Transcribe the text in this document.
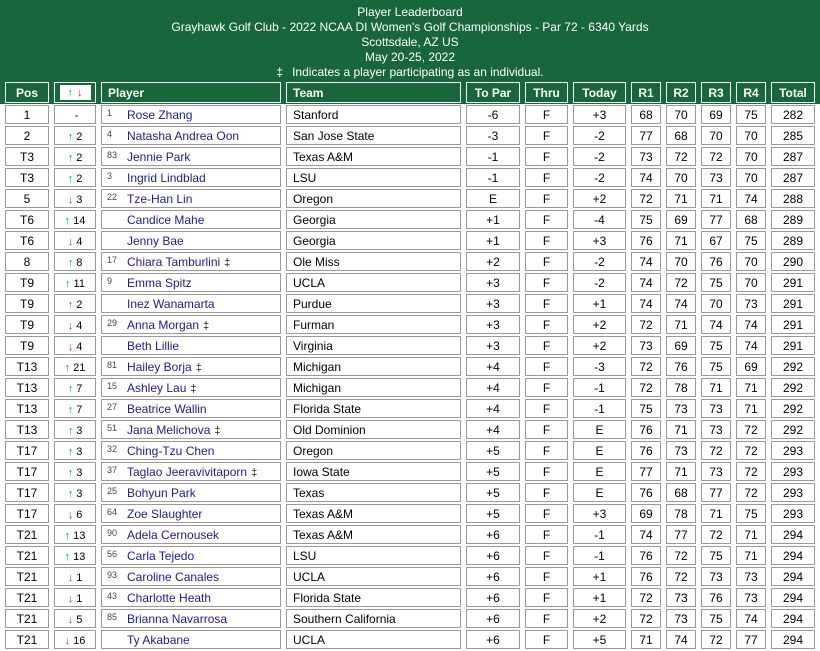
Player Leaderboard
Grayhawk Golf Club - 2022 NCAA DI Women's Golf Championships - Par 72 - 6340 Yards
Scottsdale, AZ US
May 20-25, 2022
‡ Indicates a player participating as an individual.
Pos	↑ ↓	Player	Team	To Par	Thru	Today	R1	R2	R3	R4	Total
1	-	1 Rose Zhang	Stanford	-6	F	+3	68	70	69	75	282
2	↑ 2	4 Natasha Andrea Oon	San Jose State	-3	F	-2	77	68	70	70	285
T3	↑ 2	83 Jennie Park	Texas A&M	-1	F	-2	73	72	72	70	287
T3	↑ 2	3 Ingrid Lindblad	LSU	-1	F	-2	74	70	73	70	287
5	↓ 3	22 Tze-Han Lin	Oregon	E	F	+2	72	71	71	74	288
T6	↑ 14	Candice Mahe	Georgia	+1	F	-4	75	69	77	68	289
T6	↓ 4	Jenny Bae	Georgia	+1	F	+3	76	71	67	75	289
8	↑ 8	17 Chiara Tamburlini ‡	Ole Miss	+2	F	-2	74	70	76	70	290
T9	↑ 11	9 Emma Spitz	UCLA	+3	F	-2	74	72	75	70	291
T9	↑ 2	Inez Wanamarta	Purdue	+3	F	+1	74	74	70	73	291
T9	↓ 4	29 Anna Morgan ‡	Furman	+3	F	+2	72	71	74	74	291
T9	↓ 4	Beth Lillie	Virginia	+3	F	+2	73	69	75	74	291
T13	↑ 21	81 Hailey Borja ‡	Michigan	+4	F	-3	72	76	75	69	292
T13	↑ 7	15 Ashley Lau ‡	Michigan	+4	F	-1	72	78	71	71	292
T13	↑ 7	27 Beatrice Wallin	Florida State	+4	F	-1	75	73	73	71	292
T13	↑ 3	51 Jana Melichova ‡	Old Dominion	+4	F	E	76	71	73	72	292
T17	↑ 3	32 Ching-Tzu Chen	Oregon	+5	F	E	76	73	72	72	293
T17	↑ 3	37 Taglao Jeeravivitaporn ‡	Iowa State	+5	F	E	77	71	73	72	293
T17	↑ 3	25 Bohyun Park	Texas	+5	F	E	76	68	77	72	293
T17	↓ 6	64 Zoe Slaughter	Texas A&M	+5	F	+3	69	78	71	75	293
T21	↑ 13	90 Adela Cernousek	Texas A&M	+6	F	-1	74	77	72	71	294
T21	↑ 13	56 Carla Tejedo	LSU	+6	F	-1	76	72	75	71	294
T21	↓ 1	93 Caroline Canales	UCLA	+6	F	+1	76	72	73	73	294
T21	↓ 1	43 Charlotte Heath	Florida State	+6	F	+1	72	73	76	73	294
T21	↓ 5	85 Brianna Navarrosa	Southern California	+6	F	+2	72	73	75	74	294
T21	↓ 16	Ty Akabane	UCLA	+6	F	+5	71	74	72	77	294
